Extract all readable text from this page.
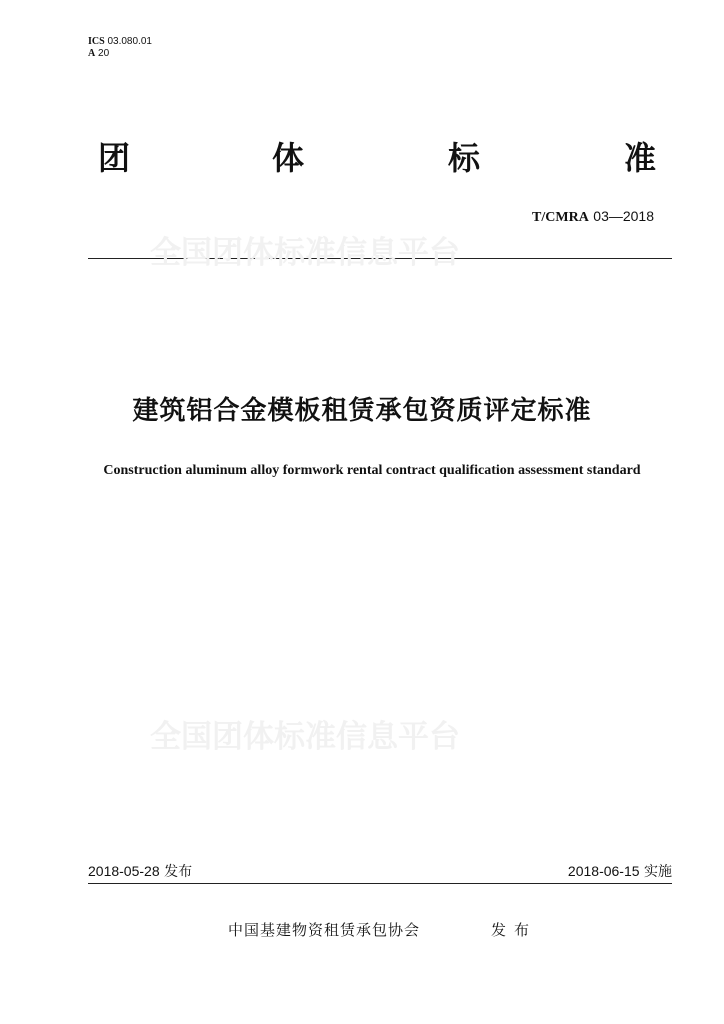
ICS 03.080.01
A 20
团	体	标	准
T/CMRA 03—2018
全国团体标准信息平台
全国团体标准信息平台
建筑铝合金模板租赁承包资质评定标准
Construction aluminum alloy formwork rental contract qualification assessment standard
2018-05-28 发布	2018-06-15 实施
中国基建物资租赁承包协会	发布
